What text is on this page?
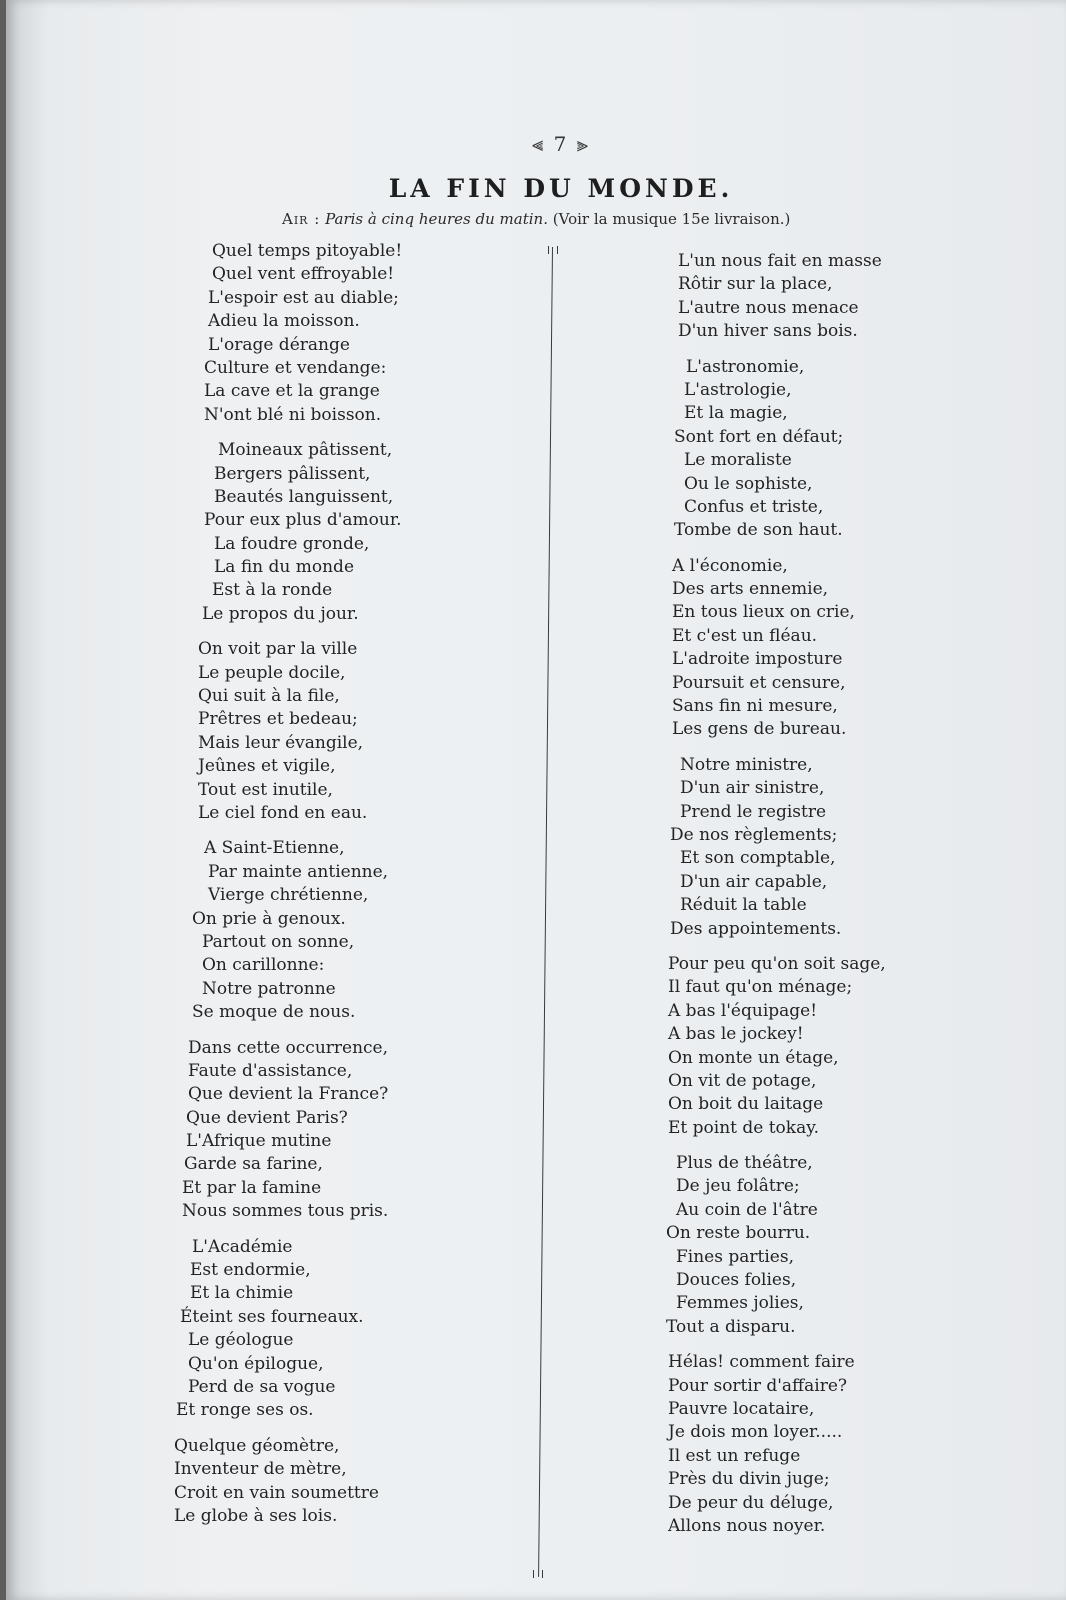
⫷ 7 ⫸
LA FIN DU MONDE.
Air : Paris à cinq heures du matin. (Voir la musique 15e livraison.)
Quel temps pitoyable!
Quel vent effroyable!
L'espoir est au diable;
Adieu la moisson.
L'orage dérange
Culture et vendange:
La cave et la grange
N'ont blé ni boisson.
Moineaux pâtissent,
Bergers pâlissent,
Beautés languissent,
Pour eux plus d'amour.
La foudre gronde,
La fin du monde
Est à la ronde
Le propos du jour.
On voit par la ville
Le peuple docile,
Qui suit à la file,
Prêtres et bedeau;
Mais leur évangile,
Jeûnes et vigile,
Tout est inutile,
Le ciel fond en eau.
A Saint-Etienne,
Par mainte antienne,
Vierge chrétienne,
On prie à genoux.
Partout on sonne,
On carillonne:
Notre patronne
Se moque de nous.
Dans cette occurrence,
Faute d'assistance,
Que devient la France?
Que devient Paris?
L'Afrique mutine
Garde sa farine,
Et par la famine
Nous sommes tous pris.
L'Académie
Est endormie,
Et la chimie
Éteint ses fourneaux.
Le géologue
Qu'on épilogue,
Perd de sa vogue
Et ronge ses os.
Quelque géomètre,
Inventeur de mètre,
Croit en vain soumettre
Le globe à ses lois.
L'un nous fait en masse
Rôtir sur la place,
L'autre nous menace
D'un hiver sans bois.
L'astronomie,
L'astrologie,
Et la magie,
Sont fort en défaut;
Le moraliste
Ou le sophiste,
Confus et triste,
Tombe de son haut.
A l'économie,
Des arts ennemie,
En tous lieux on crie,
Et c'est un fléau.
L'adroite imposture
Poursuit et censure,
Sans fin ni mesure,
Les gens de bureau.
Notre ministre,
D'un air sinistre,
Prend le registre
De nos règlements;
Et son comptable,
D'un air capable,
Réduit la table
Des appointements.
Pour peu qu'on soit sage,
Il faut qu'on ménage;
A bas l'équipage!
A bas le jockey!
On monte un étage,
On vit de potage,
On boit du laitage
Et point de tokay.
Plus de théâtre,
De jeu folâtre;
Au coin de l'âtre
On reste bourru.
Fines parties,
Douces folies,
Femmes jolies,
Tout a disparu.
Hélas! comment faire
Pour sortir d'affaire?
Pauvre locataire,
Je dois mon loyer.....
Il est un refuge
Près du divin juge;
De peur du déluge,
Allons nous noyer.
